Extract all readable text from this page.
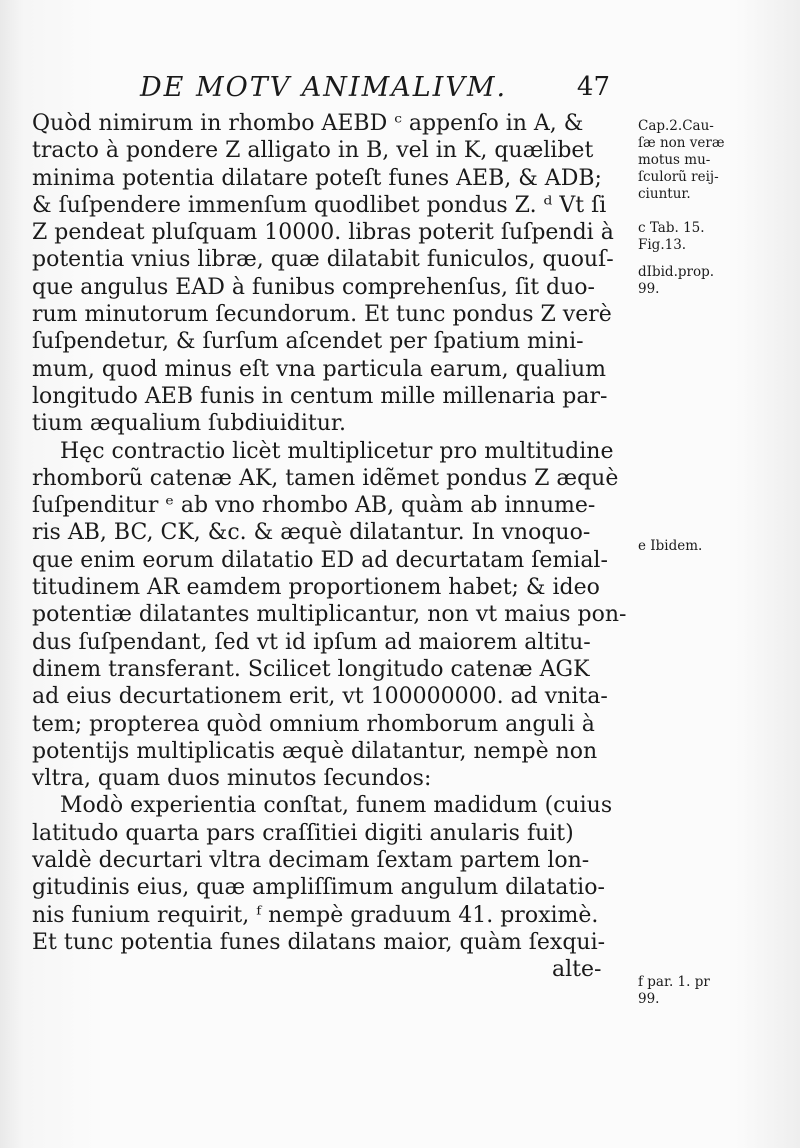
DE MOTV ANIMALIVM.	47
Quòd nimirum in rhombo AEBD ᶜ appenſo in A, &
tracto à pondere Z alligato in B, vel in K, quælibet
minima potentia dilatare poteſt funes AEB, & ADB;
& ſuſpendere immenſum quodlibet pondus Z. ᵈ Vt ſi
Z pendeat pluſquam 10000. libras poterit ſuſpendi à
potentia vnius libræ, quæ dilatabit funiculos, quouſ-
que angulus EAD à funibus comprehenſus, ſit duo-
rum minutorum ſecundorum. Et tunc pondus Z verè
ſuſpendetur, & ſurſum aſcendet per ſpatium mini-
mum, quod minus eſt vna particula earum, qualium
longitudo AEB funis in centum mille millenaria par-
tium æqualium ſubdiuiditur.
Hęc contractio licèt multiplicetur pro multitudine
rhomborũ catenæ AK, tamen idẽmet pondus Z æquè
ſuſpenditur ᵉ ab vno rhombo AB, quàm ab innume-
ris AB, BC, CK, &c. & æquè dilatantur. In vnoquo-
que enim eorum dilatatio ED ad decurtatam ſemial-
titudinem AR eamdem proportionem habet; & ideo
potentiæ dilatantes multiplicantur, non vt maius pon-
dus ſuſpendant, ſed vt id ipſum ad maiorem altitu-
dinem transferant. Scilicet longitudo catenæ AGK
ad eius decurtationem erit, vt 100000000. ad vnita-
tem; propterea quòd omnium rhomborum anguli à
potentijs multiplicatis æquè dilatantur, nempè non
vltra, quam duos minutos ſecundos:
Modò experientia conſtat, funem madidum (cuius
latitudo quarta pars craſſitiei digiti anularis fuit)
valdè decurtari vltra decimam ſextam partem lon-
gitudinis eius, quæ ampliſſimum angulum dilatatio-
nis funium requirit, ᶠ nempè graduum 41. proximè.
Et tunc potentia funes dilatans maior, quàm ſexqui-
alte-
Cap.2.Cau-
ſæ non veræ
motus mu-
ſculorũ reij-
ciuntur.
c Tab. 15.
Fig.13.
dIbid.prop.
99.
e Ibidem.
f par. 1. pr
99.
